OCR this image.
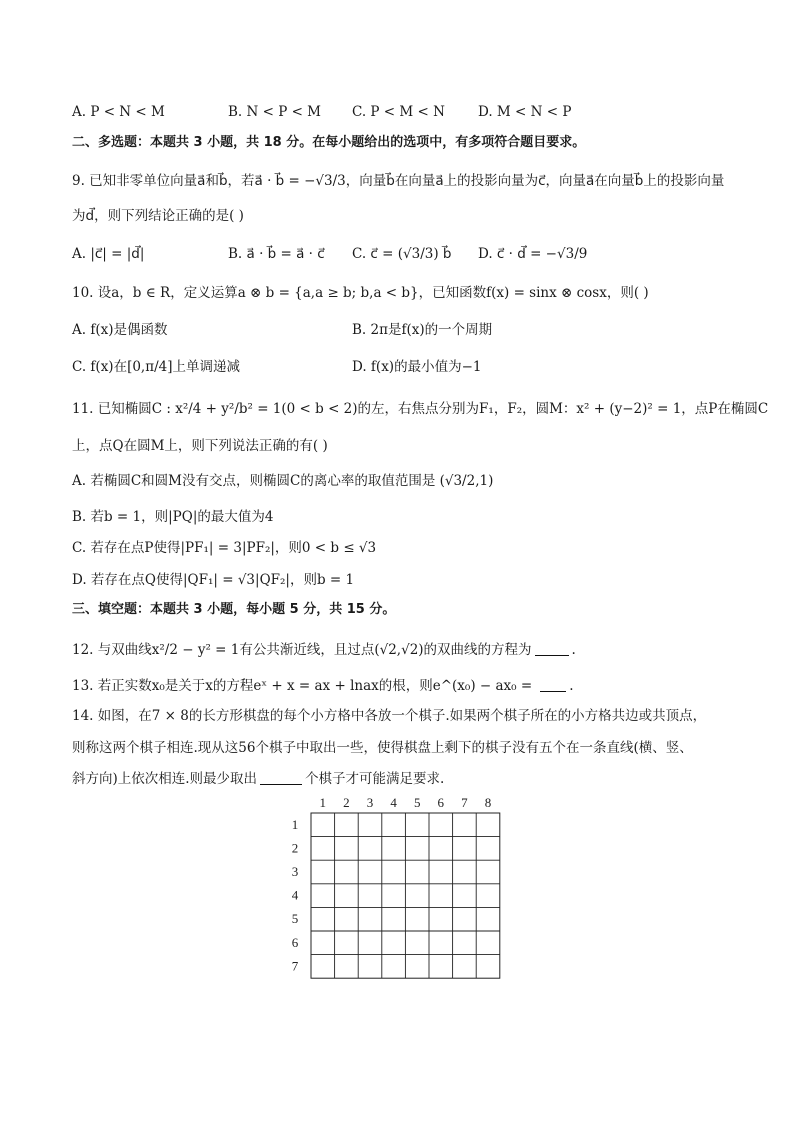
A. P < N < M	B. N < P < M C. P < M < N D. M < N < P
二、多选题：本题共 3 小题，共 18 分。在每小题给出的选项中，有多项符合题目要求。
9. 已知非零单位向量a⃗和b⃗，若a⃗ · b⃗ = −√3/3，向量b⃗在向量a⃗上的投影向量为c⃗，向量a⃗在向量b⃗上的投影向量
为d⃗，则下列结论正确的是( )
A. |c⃗| = |d⃗|	B. a⃗ · b⃗ = a⃗ · c⃗ C. c⃗ = (√3/3) b⃗ D. c⃗ · d⃗ = −√3/9
10. 设a，b ∈ R，定义运算a ⊗ b = {a,a ≥ b; b,a < b}，已知函数f(x) = sinx ⊗ cosx，则( )
A. f(x)是偶函数	B. 2π是f(x)的一个周期
C. f(x)在[0,π/4]上单调递减	D. f(x)的最小值为−1
11. 已知椭圆C : x²/4 + y²/b² = 1(0 < b < 2)的左，右焦点分别为F₁，F₂，圆M：x² + (y−2)² = 1，点P在椭圆C
上，点Q在圆M上，则下列说法正确的有( )
A. 若椭圆C和圆M没有交点，则椭圆C的离心率的取值范围是 (√3/2,1)
B. 若b = 1，则|PQ|的最大值为4
C. 若存在点P使得|PF₁| = 3|PF₂|，则0 < b ≤ √3
D. 若存在点Q使得|QF₁| = √3|QF₂|，则b = 1
三、填空题：本题共 3 小题，每小题 5 分，共 15 分。
12. 与双曲线x²/2 − y² = 1有公共渐近线，且过点(√2,√2)的双曲线的方程为	.
13. 若正实数x₀是关于x的方程eˣ + x = ax + lnax的根，则e^(x₀) − ax₀ =	.
14. 如图，在7 × 8的长方形棋盘的每个小方格中各放一个棋子.如果两个棋子所在的小方格共边或共顶点，
则称这两个棋子相连.现从这56个棋子中取出一些，使得棋盘上剩下的棋子没有五个在一条直线(横、竖、
斜方向)上依次相连.则最少取出	个棋子才可能满足要求.
1 2 3 4 5 6 7 8
1
2
3
4
5
6
7
